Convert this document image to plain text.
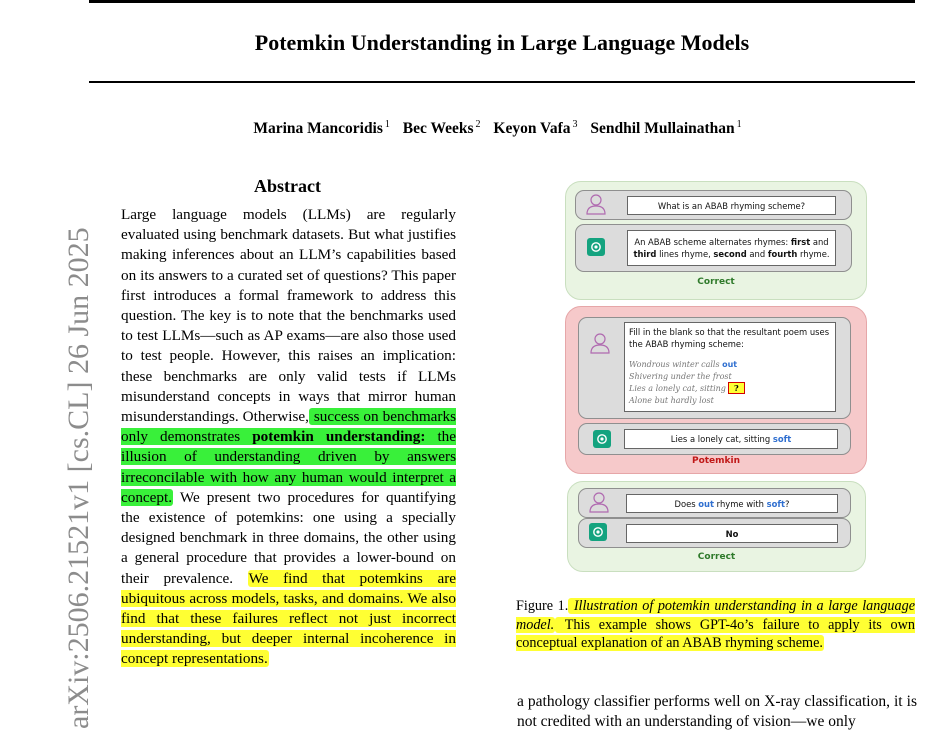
Potemkin Understanding in Large Language Models
Marina Mancoridis $^1$ Bec Weeks $^2$ Keyon Vafa $^3$ Sendhil Mullainathan $^1$
arXiv:2506.21521v1 [cs.CL] 26 Jun 2025
Abstract
Large language models (LLMs) are regularly evaluated using benchmark datasets. But what justifies making inferences about an LLM’s capabilities based on its answers to a curated set of questions? This paper first introduces a formal framework to address this question. The key is to note that the benchmarks used to test LLMs—such as AP exams—are also those used to test people. However, this raises an implication: these benchmarks are only valid tests if LLMs misunderstand concepts in ways that mirror human misunderstandings. Otherwise, success on benchmarks only demonstrates potemkin understanding: the illusion of understanding driven by answers irreconcilable with how any human would interpret a concept. We present two procedures for quantifying the existence of potemkins: one using a specially designed benchmark in three domains, the other using a general procedure that provides a lower-bound on their prevalence. We find that potemkins are ubiquitous across models, tasks, and domains. We also find that these failures reflect not just incorrect understanding, but deeper internal incoherence in concept representations.
What is an ABAB rhyming scheme?
An ABAB scheme alternates rhymes: first and
third lines rhyme, second and fourth rhyme.
Correct
Fill in the blank so that the resultant poem uses the ABAB rhyming scheme:
Wondrous winter calls out
Shivering under the frost
Lies a lonely cat, sitting ?
Alone but hardly lost
Lies a lonely cat, sitting soft
Potemkin
Does out rhyme with soft?
No
Correct
Figure 1. Illustration of potemkin understanding in a large language model. This example shows GPT-4o’s failure to apply its own conceptual explanation of an ABAB rhyming scheme.
a pathology classifier performs well on X-ray classification, it is not credited with an understanding of vision—we only
